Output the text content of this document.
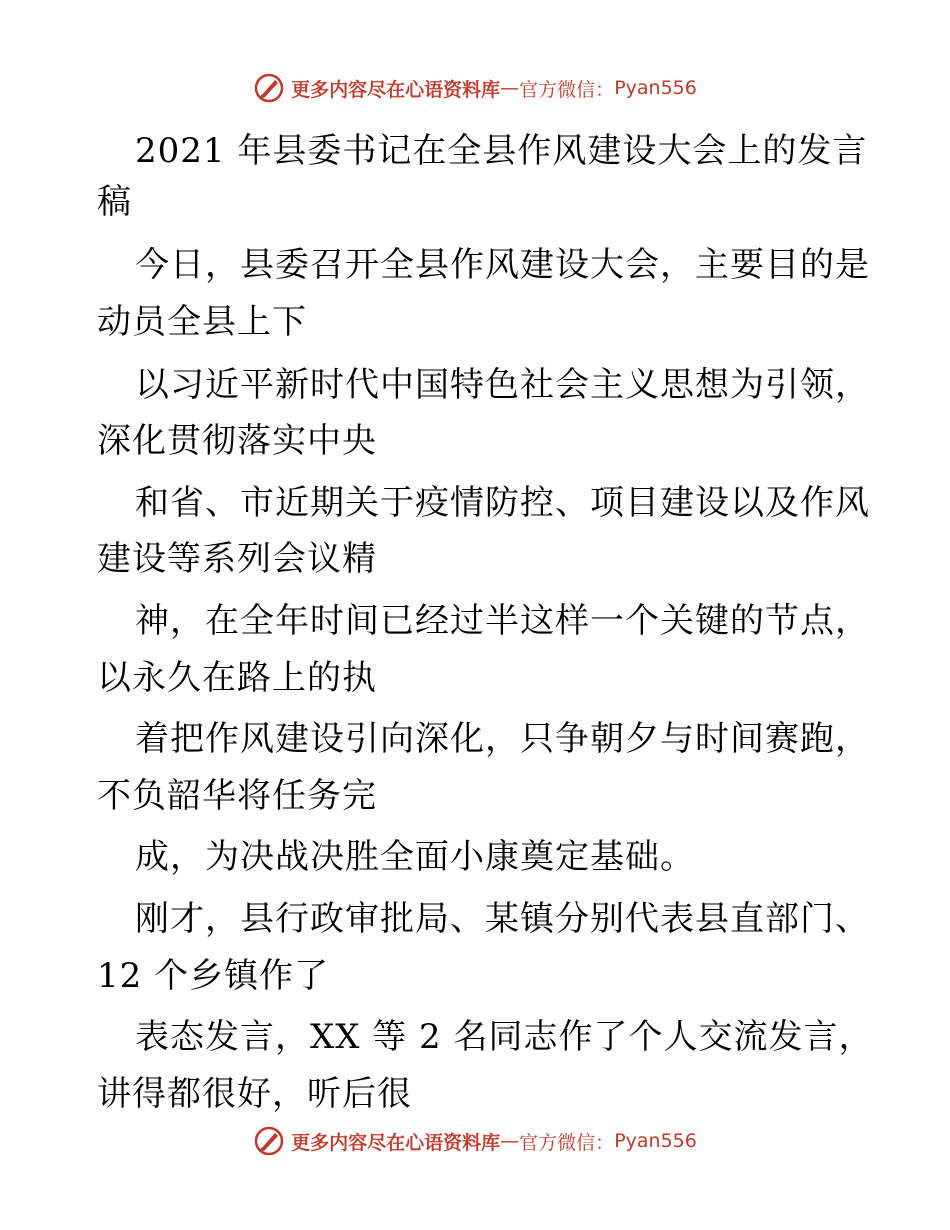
更多内容尽在心语资料库 — 官方微信： Pyan556
2021 年县委书记在全县作风建设大会上的发言
稿
今日，县委召开全县作风建设大会，主要目的是
动员全县上下
以习近平新时代中国特色社会主义思想为引领，
深化贯彻落实中央
和省、市近期关于疫情防控、项目建设以及作风
建设等系列会议精
神，在全年时间已经过半这样一个关键的节点，
以永久在路上的执
着把作风建设引向深化，只争朝夕与时间赛跑，
不负韶华将任务完
成，为决战决胜全面小康奠定基础。
刚才，县行政审批局、某镇分别代表县直部门、
12 个乡镇作了
表态发言，XX 等 2 名同志作了个人交流发言，
讲得都很好，听后很
更多内容尽在心语资料库 — 官方微信： Pyan556
